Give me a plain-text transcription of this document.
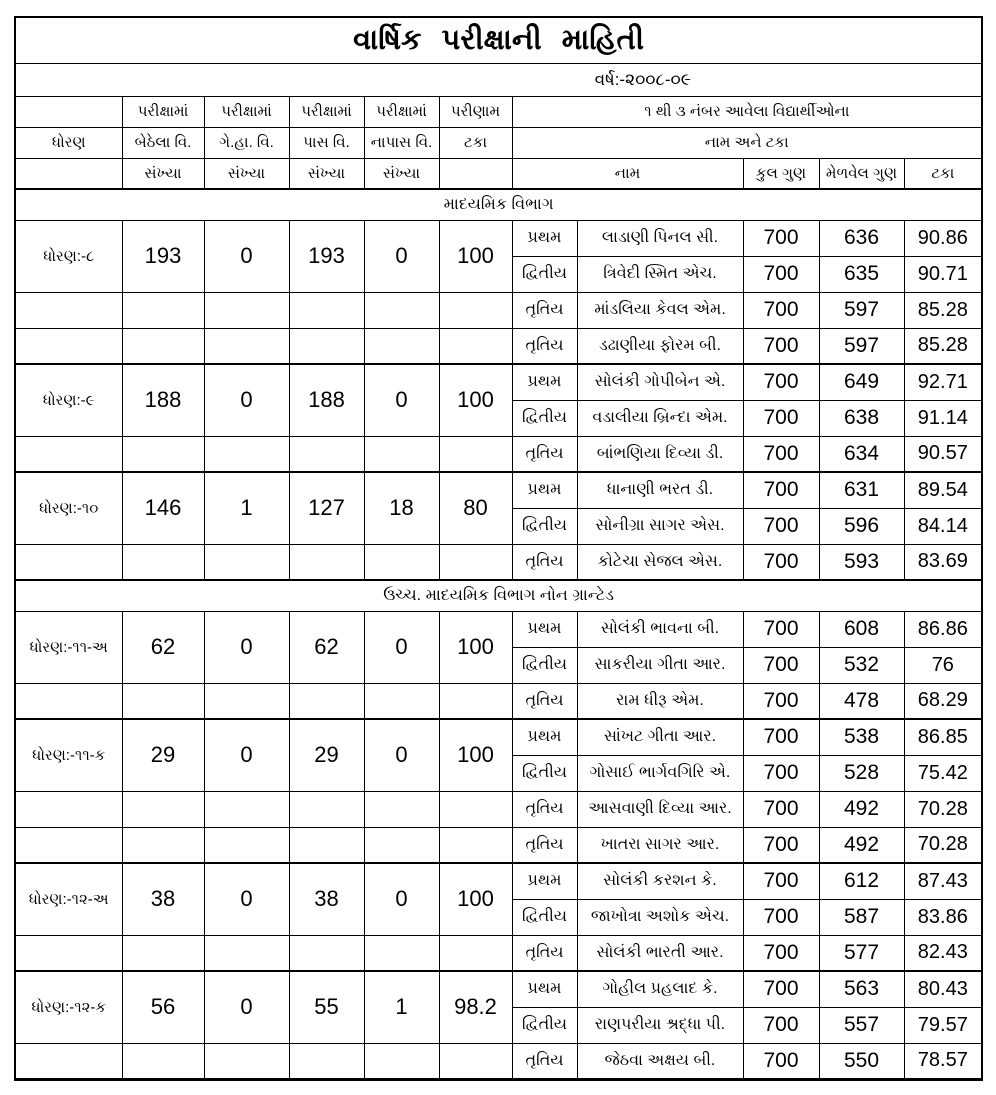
વાર્ષિક પરીક્ષાની માહિતી										

વર્ષ:-૨૦૦૮-૦૯										

	પરીક્ષામાં	પરીક્ષામાં	પરીક્ષામાં	પરીક્ષામાં	પરીણામ	૧ થી ૩ નંબર આવેલા વિદ્યાર્થીઓના				
ધોરણ	બેઠેલા વિ.	ગે.હા. વિ.	પાસ વિ.	નાપાસ વિ.	ટકા	નામ અને ટકા				
	સંખ્યા	સંખ્યા	સંખ્યા	સંખ્યા		નામ		કુલ ગુણ	મેળવેલ ગુણ	ટકા
માદયમિક વિભાગ										
ધોરણ:-૮	193	0	193	0	100	પ્રથમ	લાડાણી પિનલ સી.	700	636	90.86
						દ્વિતીય	ત્રિવેદી સ્મિત એચ.	700	635	90.71
						તૃતિય	માંડલિયા કેવલ એમ.	700	597	85.28
						તૃતિય	ડઢાણીયા ફોરમ બી.	700	597	85.28
ધોરણ:-૯	188	0	188	0	100	પ્રથમ	સોલંકી ગોપીબેન એ.	700	649	92.71
						દ્વિતીય	વડાલીયા બ્રિન્દા એમ.	700	638	91.14
						તૃતિય	બાંભણિયા દિવ્યા ડી.	700	634	90.57
ધોરણ:-૧૦	146	1	127	18	80	પ્રથમ	ધાનાણી ભરત ડી.	700	631	89.54
						દ્વિતીય	સોનીગ્રા સાગર એસ.	700	596	84.14
						તૃતિય	કોટેચા સેજલ એસ.	700	593	83.69
ઉચ્ચ. માદયમિક વિભાગ નોન ગ્રાન્ટેડ										
ધોરણ:-૧૧-અ	62	0	62	0	100	પ્રથમ	સોલંકી ભાવના બી.	700	608	86.86
						દ્વિતીય	સાકરીયા ગીતા આર.	700	532	76
						તૃતિય	રામ ધીરૂ એમ.	700	478	68.29
ધોરણ:-૧૧-ક	29	0	29	0	100	પ્રથમ	સાંખટ ગીતા આર.	700	538	86.85
						દ્વિતીય	ગોસાઈ ભાર્ગવગિરિ એ.	700	528	75.42
						તૃતિય	આસવાણી દિવ્યા આર.	700	492	70.28
						તૃતિય	ખાતરા સાગર આર.	700	492	70.28
ધોરણ:-૧૨-અ	38	0	38	0	100	પ્રથમ	સોલંકી કરશન કે.	700	612	87.43
						દ્વિતીય	જાખોત્રા અશોક એચ.	700	587	83.86
						તૃતિય	સોલંકી ભારતી આર.	700	577	82.43
ધોરણ:-૧૨-ક	56	0	55	1	98.2	પ્રથમ	ગોહીલ પ્રહલાદ કે.	700	563	80.43
						દ્વિતીય	રાણપરીયા શ્રદ્ધા પી.	700	557	79.57
						તૃતિય	જેઠવા અક્ષય બી.	700	550	78.57
